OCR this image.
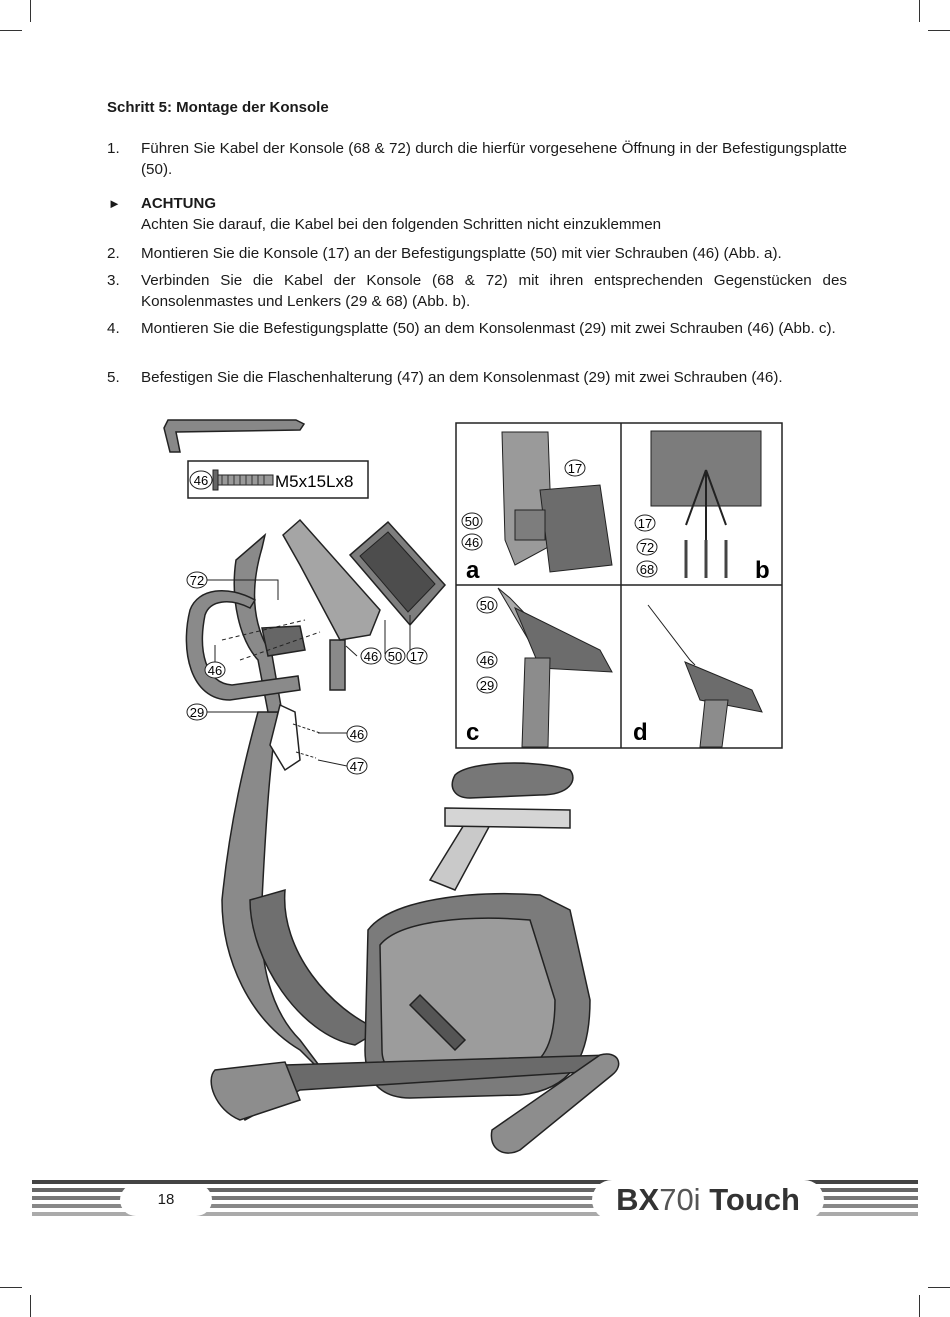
Schritt 5: Montage der Konsole
1.	Führen Sie Kabel der Konsole (68 & 72) durch die hierfür vorgesehene Öffnung in der Befestigungsplatte (50).
► ACHTUNG
Achten Sie darauf, die Kabel bei den folgenden Schritten nicht einzuklemmen
2.	Montieren Sie die Konsole (17) an der Befestigungsplatte (50) mit vier Schrauben (46) (Abb. a).
3.	Verbinden Sie die Kabel der Konsole (68 & 72) mit ihren entsprechenden Gegenstücken des Konsolenmastes und Lenkers (29 & 68) (Abb. b).
4.	Montieren Sie die Befestigungsplatte (50) an dem Konsolenmast (29) mit zwei Schrauben (46) (Abb. c).
5.	Befestigen Sie die Flaschenhalterung (47) an dem Konsolenmast (29) mit zwei Schrauben (46).
46	M5x15Lx8
72
46
29
46 50 17
46
47
17
50
46
a
17
72
68	b
50
46
29
c	d
18	BX70i Touch
